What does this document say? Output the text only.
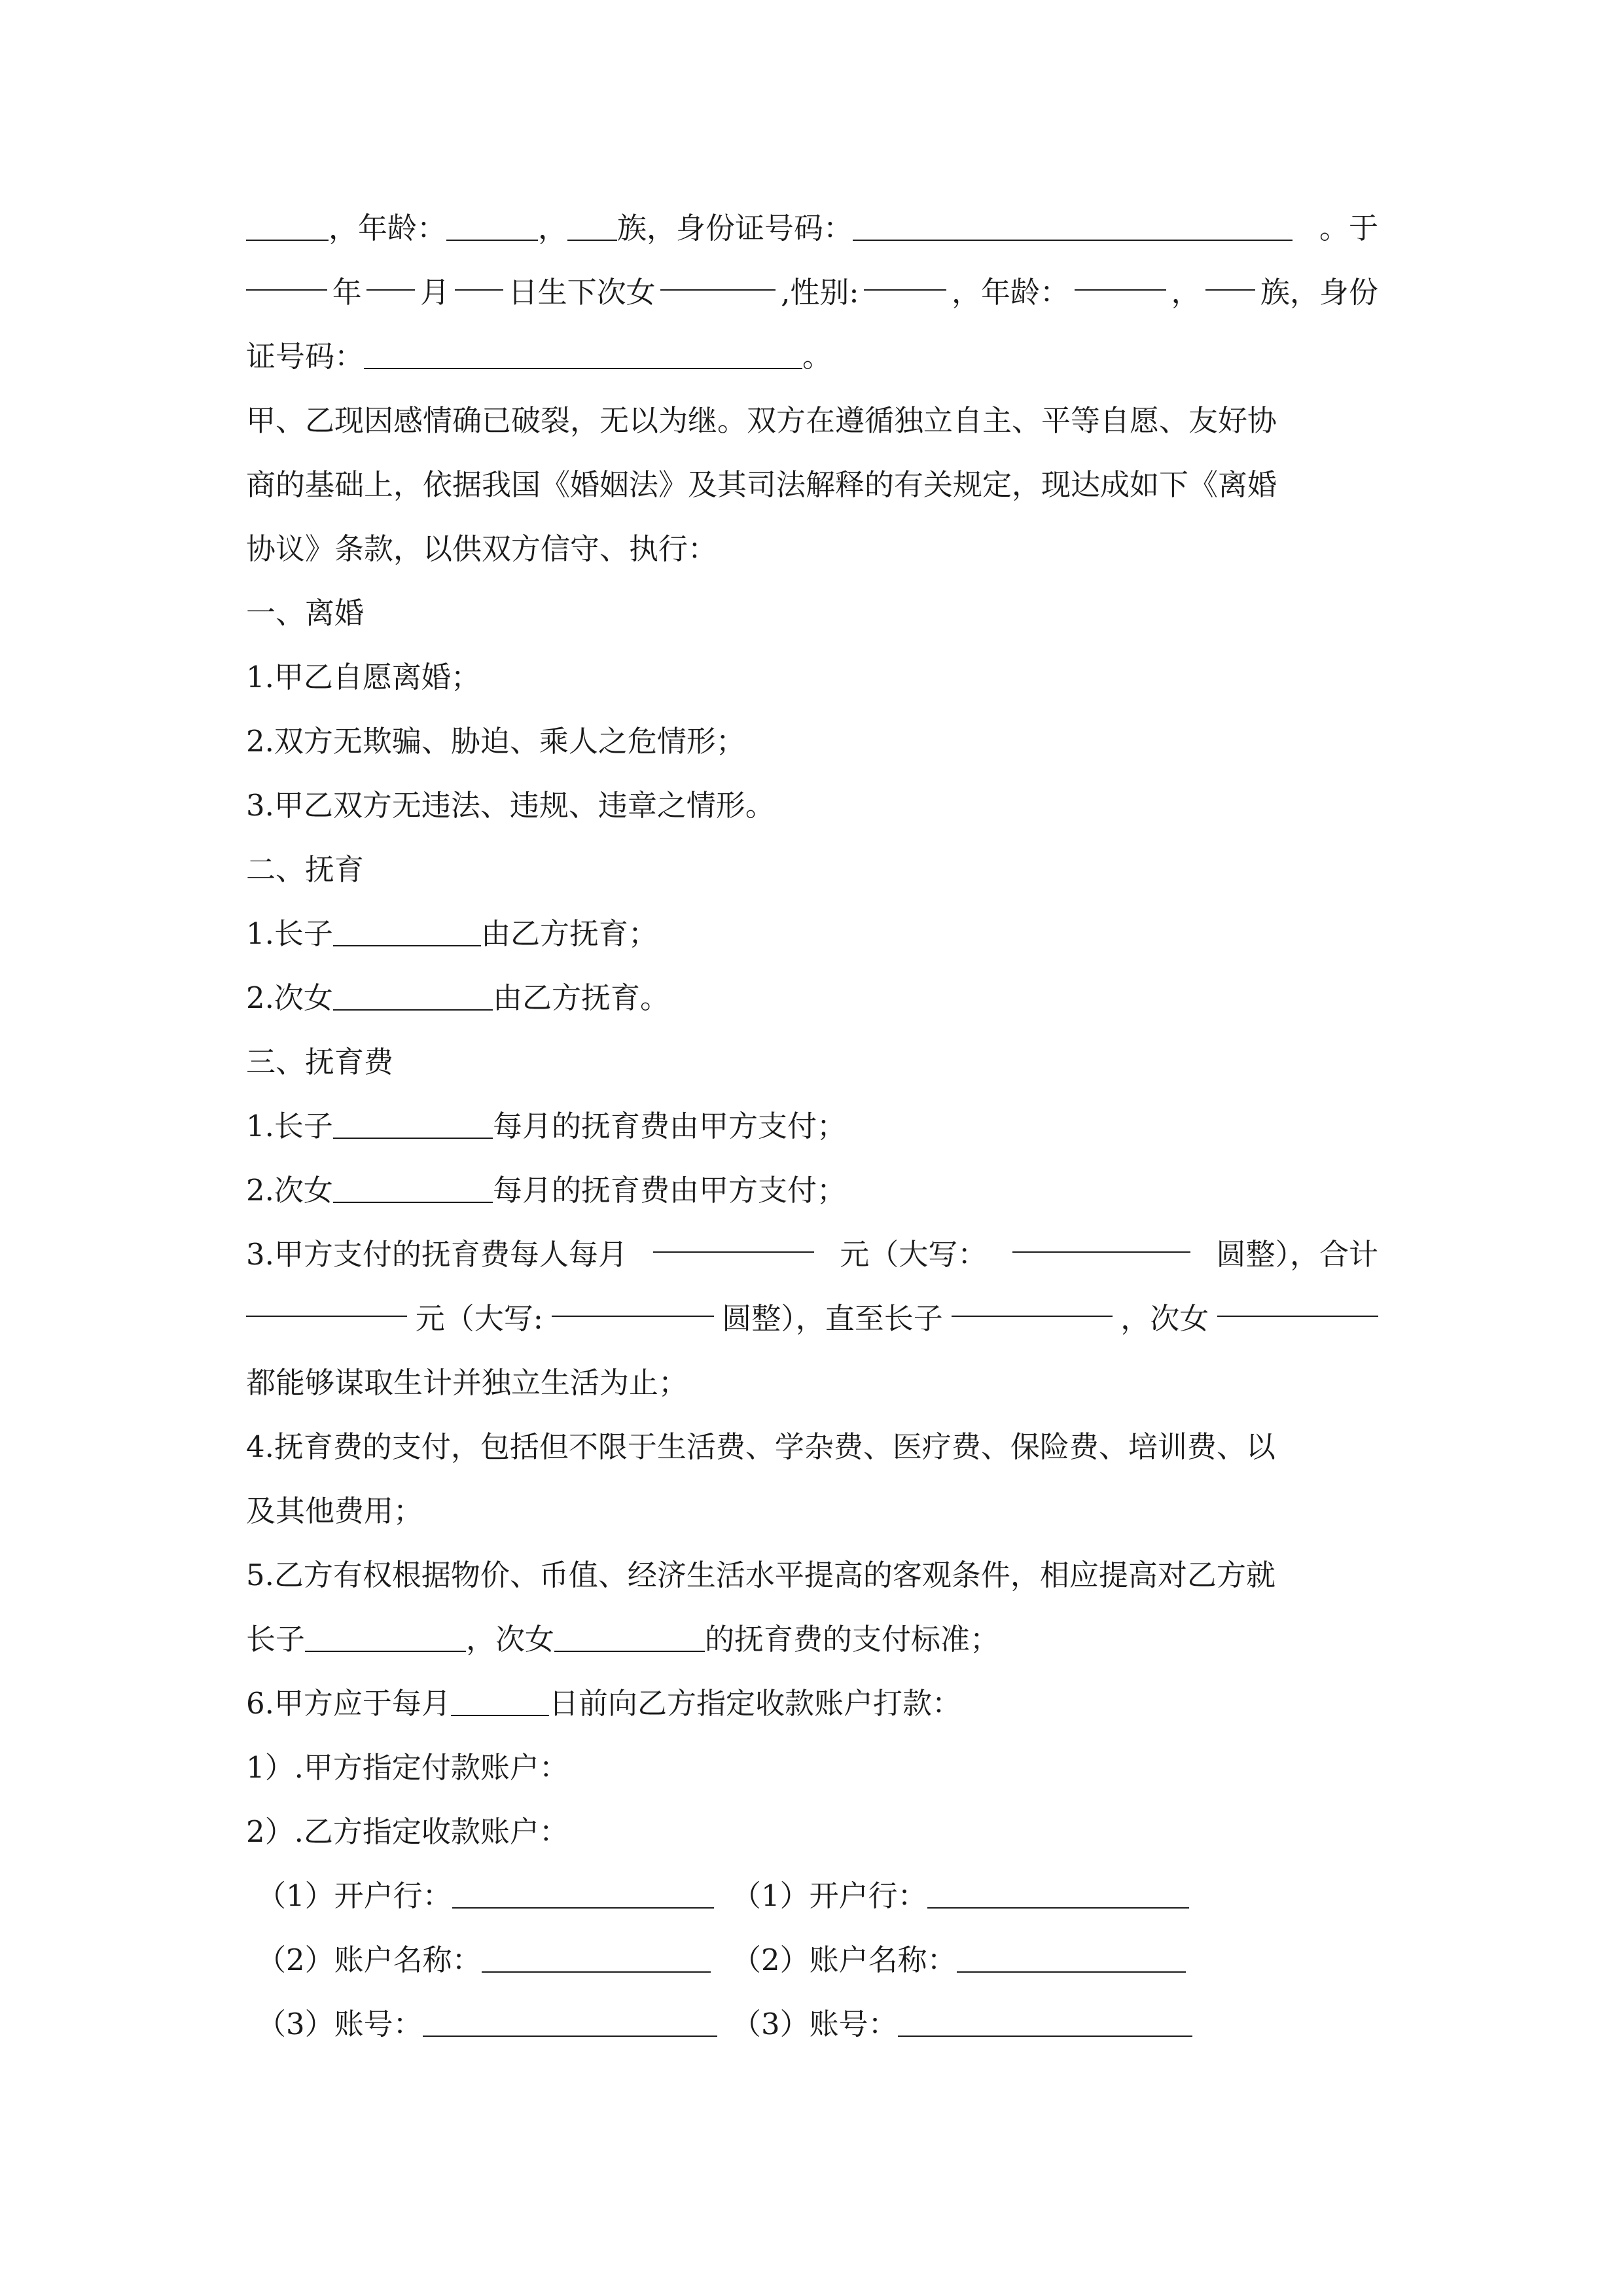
，年龄：	， 族，身份证号码：	。于
年 月 日生下次女	,性别:	，年龄：	， 族，身份
证号码：	。
甲、乙现因感情确已破裂，无以为继。双方在遵循独立自主、平等自愿、友好协
商的基础上，依据我国《婚姻法》及其司法解释的有关规定，现达成如下《离婚
协议》条款，以供双方信守、执行：
一、离婚
1.甲乙自愿离婚；
2.双方无欺骗、胁迫、乘人之危情形；
3.甲乙双方无违法、违规、违章之情形。
二、抚育
1.长子	由乙方抚育；
2.次女	由乙方抚育。
三、抚育费
1.长子	每月的抚育费由甲方支付；
2.次女	每月的抚育费由甲方支付；
3.甲方支付的抚育费每人每月	元（大写：	圆整），合计
元（大写:	圆整），直至长子	，次女
都能够谋取生计并独立生活为止；
4.抚育费的支付，包括但不限于生活费、学杂费、医疗费、保险费、培训费、以
及其他费用；
5.乙方有权根据物价、币值、经济生活水平提高的客观条件，相应提高对乙方就
长子	，次女	的抚育费的支付标准；
6.甲方应于每月	日前向乙方指定收款账户打款：
1）.甲方指定付款账户：
2）.乙方指定收款账户：
（1）开户行：	（1）开户行：
（2）账户名称：	（2）账户名称：
（3）账号：	（3）账号：
